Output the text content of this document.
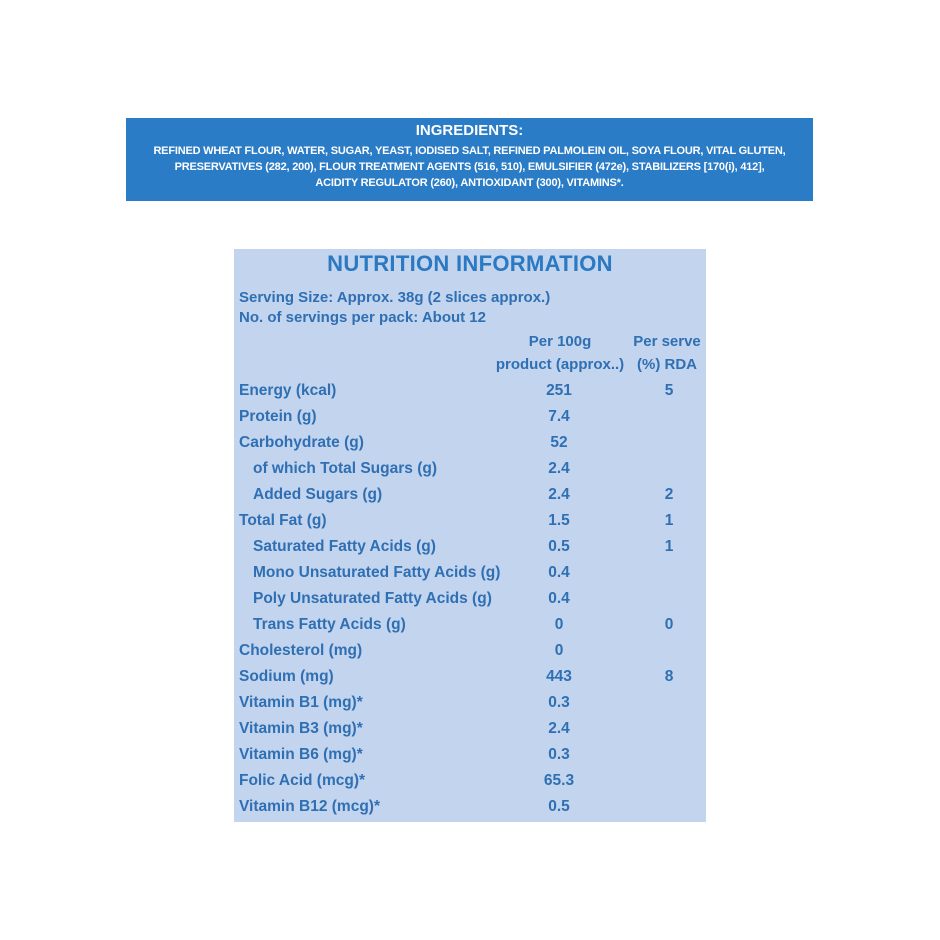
INGREDIENTS:
REFINED WHEAT FLOUR, WATER, SUGAR, YEAST, IODISED SALT, REFINED PALMOLEIN OIL, SOYA FLOUR, VITAL GLUTEN,
PRESERVATIVES (282, 200), FLOUR TREATMENT AGENTS (516, 510), EMULSIFIER (472e), STABILIZERS [170(i), 412],
ACIDITY REGULATOR (260), ANTIOXIDANT (300), VITAMINS*.
NUTRITION INFORMATION
Serving Size: Approx. 38g (2 slices approx.)
No. of servings per pack: About 12
Per 100g
product (approx..)
Per serve
(%) RDA
Energy (kcal)	251	5
Protein (g)	7.4
Carbohydrate (g)	52
of which Total Sugars (g)	2.4
Added Sugars (g)	2.4	2
Total Fat (g)	1.5	1
Saturated Fatty Acids (g)	0.5	1
Mono Unsaturated Fatty Acids (g)	0.4
Poly Unsaturated Fatty Acids (g)	0.4
Trans Fatty Acids (g)	0	0
Cholesterol (mg)	0
Sodium (mg)	443	8
Vitamin B1 (mg)*	0.3
Vitamin B3 (mg)*	2.4
Vitamin B6 (mg)*	0.3
Folic Acid (mcg)*	65.3
Vitamin B12 (mcg)*	0.5
